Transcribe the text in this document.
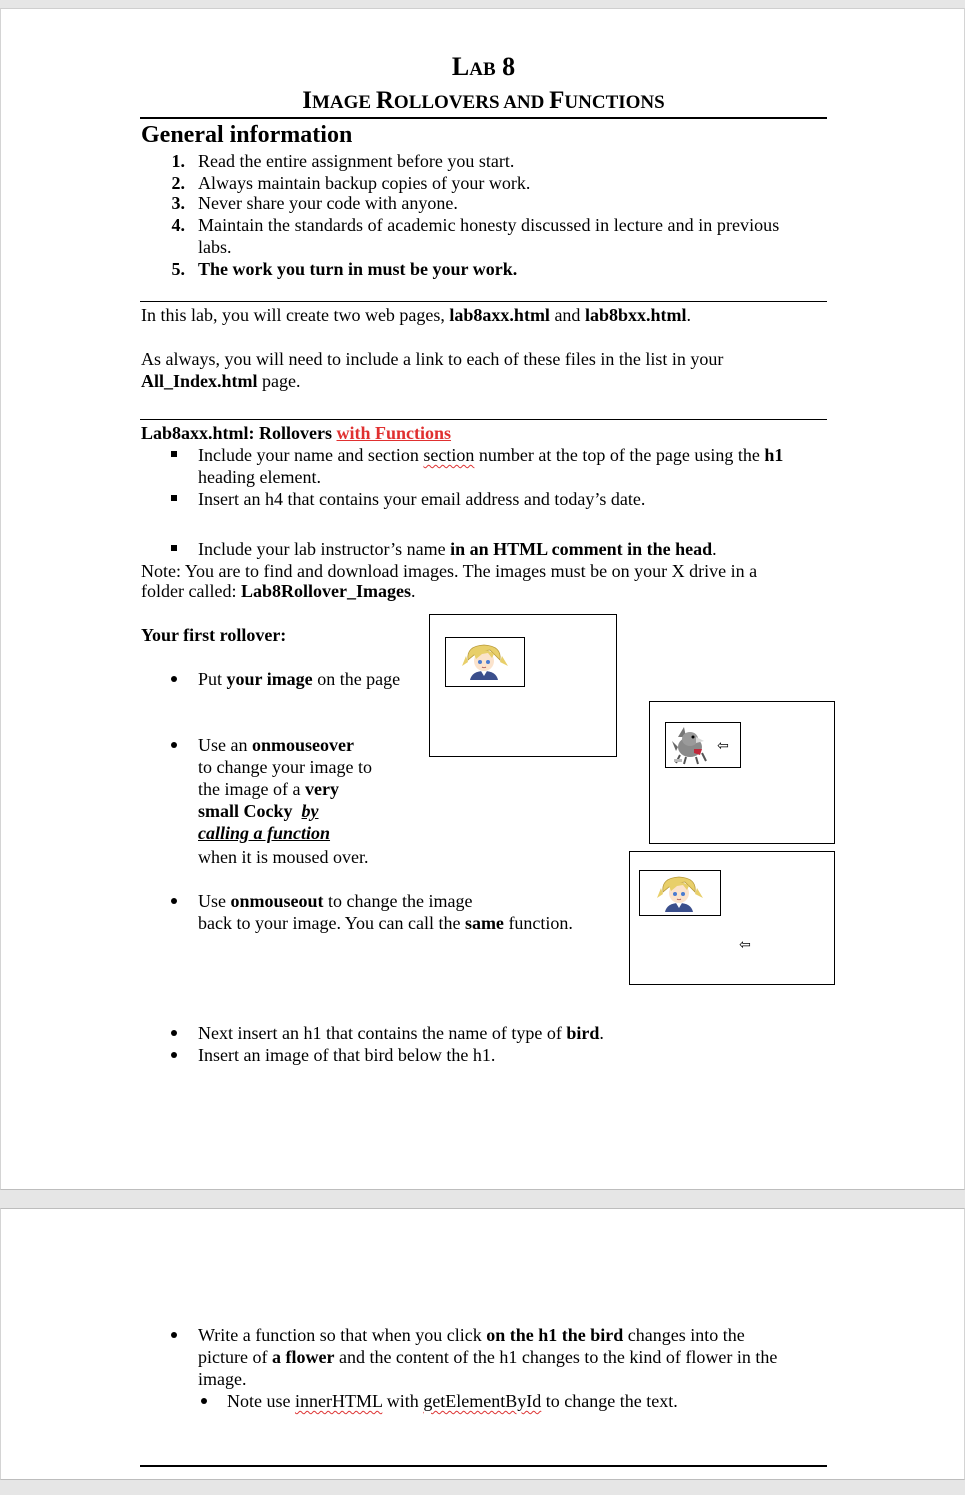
LAB 8
IMAGE ROLLOVERS AND FUNCTIONS
General information
1. Read the entire assignment before you start.
2. Always maintain backup copies of your work.
3. Never share your code with anyone.
4. Maintain the standards of academic honesty discussed in lecture and in previous
labs.
5. The work you turn in must be your work.
In this lab, you will create two web pages, lab8axx.html and lab8bxx.html.
As always, you will need to include a link to each of these files in the list in your
All_Index.html page.
Lab8axx.html: Rollovers with Functions
Include your name and section section number at the top of the page using the h1
heading element.
Insert an h4 that contains your email address and today’s date.
Include your lab instructor’s name in an HTML comment in the head.
Note: You are to find and download images. The images must be on your X drive in a
folder called: Lab8Rollover_Images.
Your first rollover:
Put your image on the page
Use an onmouseover
to change your image to
the image of a very
small Cocky by
calling a function
when it is moused over.
Use onmouseout to change the image
back to your image. You can call the same function.
⇦
⇦
Next insert an h1 that contains the name of type of bird.
Insert an image of that bird below the h1.
Write a function so that when you click on the h1 the bird changes into the
picture of a flower and the content of the h1 changes to the kind of flower in the
image.
Note use innerHTML with getElementById to change the text.
